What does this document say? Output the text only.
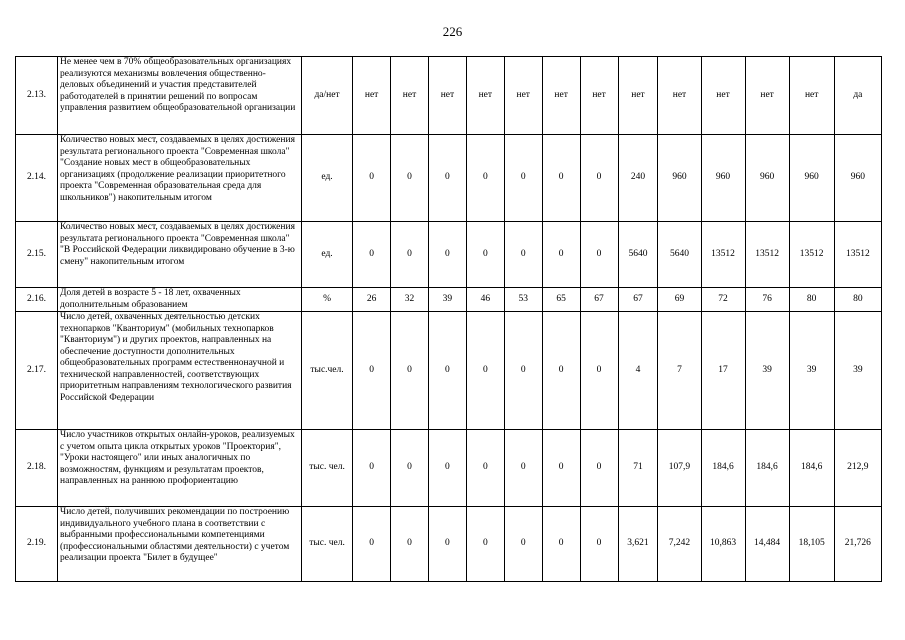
226
2.13.	Не менее чем в 70% общеобразовательных организациях реализуются механизмы вовлечения общественно-деловых объединений и участия представителей работодателей в принятии решений по вопросам управления развитием общеобразовательной организации	да/нет	нет	нет	нет	нет	нет	нет	нет	нет	нет	нет	нет	нет	да
2.14.	Количество новых мест, создаваемых в целях достижения результата регионального проекта "Современная школа" "Создание новых мест в общеобразовательных организациях (продолжение реализации приоритетного проекта "Современная образовательная среда для школьников") накопительным итогом	ед.	0	0	0	0	0	0	0	240	960	960	960	960	960
2.15.	Количество новых мест, создаваемых в целях достижения результата регионального проекта "Современная школа" "В Российской Федерации ликвидировано обучение в 3-ю смену" накопительным итогом	ед.	0	0	0	0	0	0	0	5640	5640	13512	13512	13512	13512
2.16.	Доля детей в возрасте 5 - 18 лет, охваченных дополнительным образованием	%	26	32	39	46	53	65	67	67	69	72	76	80	80
2.17.	Число детей, охваченных деятельностью детских технопарков "Кванториум" (мобильных технопарков "Кванториум") и других проектов, направленных на обеспечение доступности дополнительных общеобразовательных программ естественнонаучной и технической направленностей, соответствующих приоритетным направлениям технологического развития Российской Федерации	тыс.чел.	0	0	0	0	0	0	0	4	7	17	39	39	39
2.18.	Число участников открытых онлайн-уроков, реализуемых с учетом опыта цикла открытых уроков "Проектория", "Уроки настоящего" или иных аналогичных по возможностям, функциям и результатам проектов, направленных на раннюю профориентацию	тыс. чел.	0	0	0	0	0	0	0	71	107,9	184,6	184,6	184,6	212,9
2.19.	Число детей, получивших рекомендации по построению индивидуального учебного плана в соответствии с выбранными профессиональными компетенциями (профессиональными областями деятельности) с учетом реализации проекта "Билет в будущее"	тыс. чел.	0	0	0	0	0	0	0	3,621	7,242	10,863	14,484	18,105	21,726
